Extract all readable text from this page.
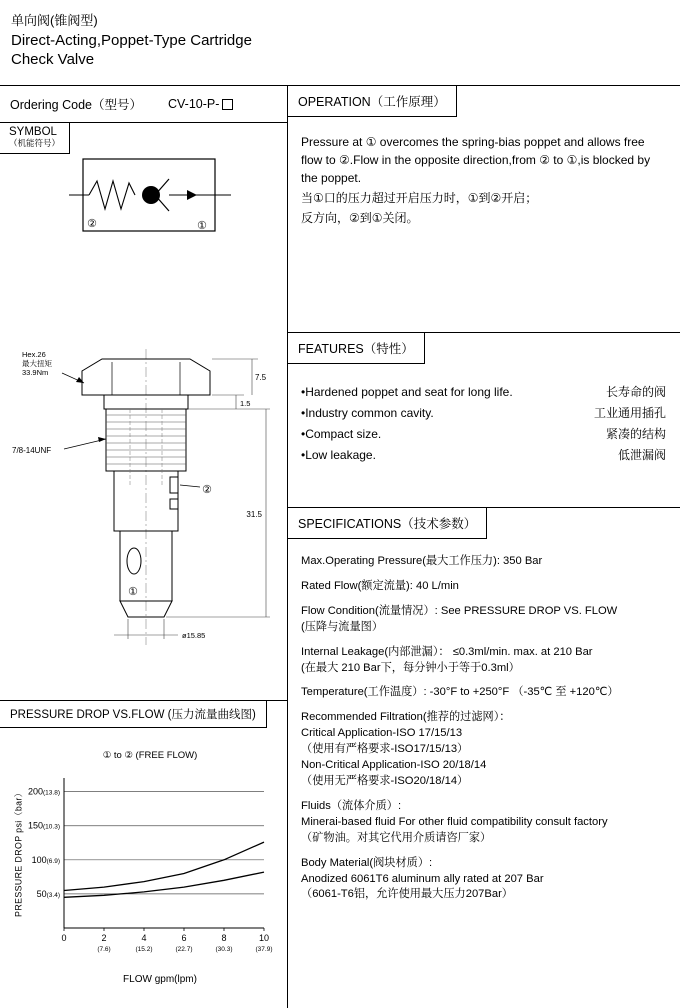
单向阀(锥阀型)
Direct-Acting,Poppet-Type Cartridge
Check Valve
Ordering Code（型号） CV-10-P-
SYMBOL
（机能符号）
②	①
Hex.26
最大扭矩
33.9Nm
7/8-14UNF
7.5
1.5
31.5
ø15.85
②
①
PRESSURE DROP VS.FLOW (压力流量曲线图)
① to ② (FREE FLOW)
PRESSURE DROP psi（bar） 50(3.4)
100(6.9)
150(10.3)
200(13.8)
0	2
(7.6)
4
(15.2)
6
(22.7)
8
(30.3)
10
(37.9)
FLOW gpm(lpm)
OPERATION（工作原理）

Pressure at ① overcomes the spring-bias poppet and allows free flow to ②.Flow in the opposite direction,from ② to ①,is blocked by the poppet.

当①口的压力超过开启压力时，①到②开启；

反方向，②到①关闭。

FEATURES（特性）
•Hardened poppet and seat for long life.	长寿命的阀
•Industry common cavity.	工业通用插孔
•Compact size.	紧凑的结构
•Low leakage.	低泄漏阀
SPECIFICATIONS（技术参数）
Max.Operating Pressure(最大工作压力): 350 Bar
Rated Flow(额定流量): 40 L/min
Flow Condition(流量情况）: See PRESSURE DROP VS. FLOW
(压降与流量图）
Internal Leakage(内部泄漏）： ≤0.3ml/min. max. at 210 Bar
(在最大 210 Bar下，每分钟小于等于0.3ml）
Temperature(工作温度）: -30°F to +250°F （-35℃ 至 +120℃）
Recommended Filtration(推荐的过滤网）：
Critical Application-ISO 17/15/13
（使用有严格要求-ISO17/15/13）
Non-Critical Application-ISO 20/18/14
（使用无严格要求-ISO20/18/14）
Fluids（流体介质）:
Minerai-based fluid For other fluid compatibility consult factory
（矿物油。对其它代用介质请咨厂家）
Body Material(阀块材质）:
Anodized 6061T6 aluminum ally rated at 207 Bar
（6061-T6铝，允许使用最大压力207Bar）
